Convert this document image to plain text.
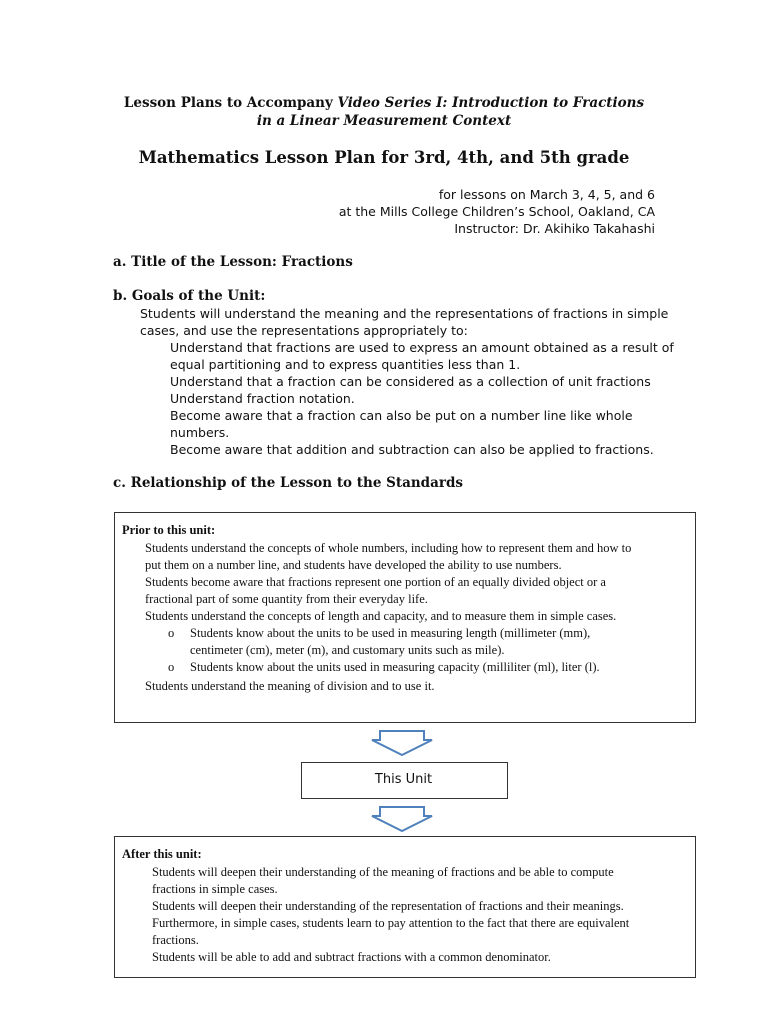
Lesson Plans to Accompany Video Series I: Introduction to Fractions
in a Linear Measurement Context
Mathematics Lesson Plan for 3rd, 4th, and 5th grade
for lessons on March 3, 4, 5, and 6
at the Mills College Children’s School, Oakland, CA
Instructor: Dr. Akihiko Takahashi
a. Title of the Lesson: Fractions
b. Goals of the Unit:
Students will understand the meaning and the representations of fractions in simple
cases, and use the representations appropriately to:
Understand that fractions are used to express an amount obtained as a result of
equal partitioning and to express quantities less than 1.
Understand that a fraction can be considered as a collection of unit fractions
Understand fraction notation.
Become aware that a fraction can also be put on a number line like whole
numbers.
Become aware that addition and subtraction can also be applied to fractions.
c. Relationship of the Lesson to the Standards
Prior to this unit:
Students understand the concepts of whole numbers, including how to represent them and how to
put them on a number line, and students have developed the ability to use numbers.
Students become aware that fractions represent one portion of an equally divided object or a
fractional part of some quantity from their everyday life.
Students understand the concepts of length and capacity, and to measure them in simple cases.
o Students know about the units to be used in measuring length (millimeter (mm),
centimeter (cm), meter (m), and customary units such as mile).
o Students know about the units used in measuring capacity (milliliter (ml), liter (l).
Students understand the meaning of division and to use it.
This Unit
After this unit:
Students will deepen their understanding of the meaning of fractions and be able to compute
fractions in simple cases.
Students will deepen their understanding of the representation of fractions and their meanings.
Furthermore, in simple cases, students learn to pay attention to the fact that there are equivalent
fractions.
Students will be able to add and subtract fractions with a common denominator.
